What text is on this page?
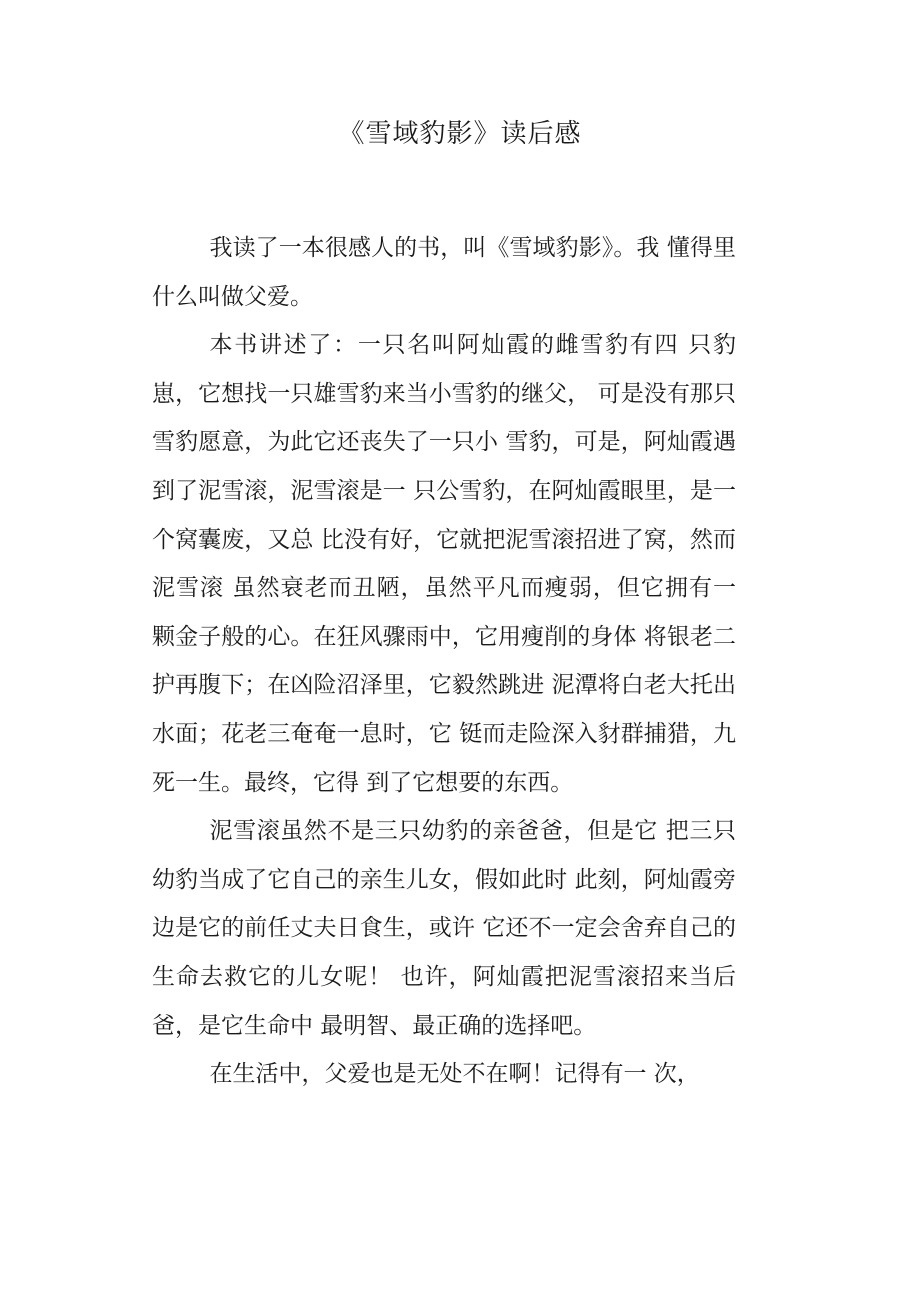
《雪域豹影》读后感

我读了一本很感人的书，叫《雪域豹影》。我 懂得里什么叫做父爱。

本书讲述了：一只名叫阿灿霞的雌雪豹有四 只豹崽，它想找一只雄雪豹来当小雪豹的继父， 可是没有那只雪豹愿意，为此它还丧失了一只小 雪豹，可是，阿灿霞遇到了泥雪滚，泥雪滚是一 只公雪豹，在阿灿霞眼里，是一个窝囊废，又总 比没有好，它就把泥雪滚招进了窝，然而泥雪滚 虽然衰老而丑陋，虽然平凡而瘦弱，但它拥有一 颗金子般的心。在狂风骤雨中，它用瘦削的身体 将银老二护再腹下；在凶险沼泽里，它毅然跳进 泥潭将白老大托出水面；花老三奄奄一息时，它 铤而走险深入豺群捕猎，九死一生。最终，它得 到了它想要的东西。

泥雪滚虽然不是三只幼豹的亲爸爸，但是它 把三只幼豹当成了它自己的亲生儿女，假如此时 此刻，阿灿霞旁边是它的前任丈夫日食生，或许 它还不一定会舍弃自己的生命去救它的儿女呢！ 也许，阿灿霞把泥雪滚招来当后爸，是它生命中 最明智、最正确的选择吧。

在生活中，父爱也是无处不在啊！记得有一 次，
